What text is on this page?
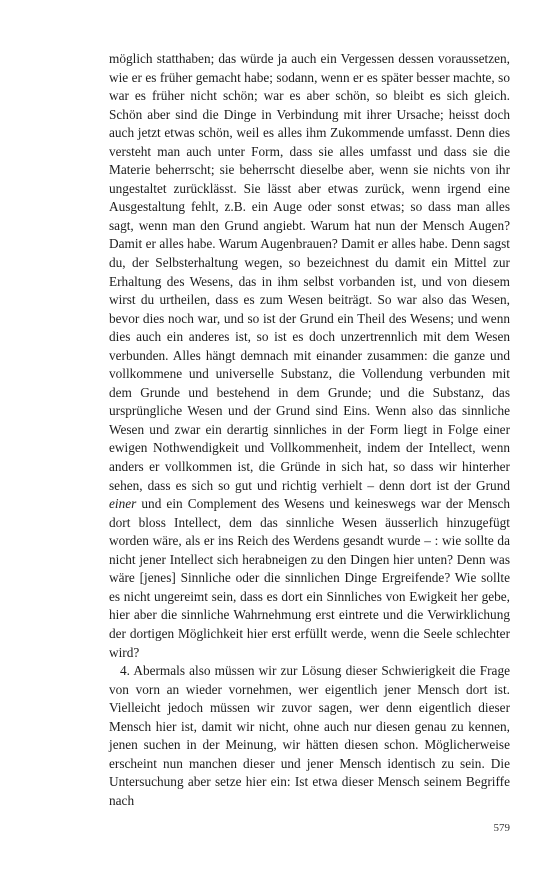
möglich statthaben; das würde ja auch ein Vergessen dessen voraussetzen, wie er es früher gemacht habe; sodann, wenn er es später besser machte, so war es früher nicht schön; war es aber schön, so bleibt es sich gleich. Schön aber sind die Dinge in Verbindung mit ihrer Ursache; heisst doch auch jetzt etwas schön, weil es alles ihm Zukommende umfasst. Denn dies versteht man auch unter Form, dass sie alles umfasst und dass sie die Materie beherrscht; sie beherrscht dieselbe aber, wenn sie nichts von ihr ungestaltet zurücklässt. Sie lässt aber etwas zurück, wenn irgend eine Ausgestaltung fehlt, z.B. ein Auge oder sonst etwas; so dass man alles sagt, wenn man den Grund angiebt. Warum hat nun der Mensch Augen? Damit er alles habe. Warum Augenbrauen? Damit er alles habe. Denn sagst du, der Selbsterhaltung wegen, so bezeichnest du damit ein Mittel zur Erhaltung des Wesens, das in ihm selbst vorbanden ist, und von diesem wirst du urtheilen, dass es zum Wesen beiträgt. So war also das Wesen, bevor dies noch war, und so ist der Grund ein Theil des Wesens; und wenn dies auch ein anderes ist, so ist es doch unzertrennlich mit dem Wesen verbunden. Alles hängt demnach mit einander zusammen: die ganze und vollkommene und universelle Substanz, die Vollendung verbunden mit dem Grunde und bestehend in dem Grunde; und die Substanz, das ursprüngliche Wesen und der Grund sind Eins. Wenn also das sinnliche Wesen und zwar ein derartig sinnliches in der Form liegt in Folge einer ewigen Nothwendigkeit und Vollkommenheit, indem der Intellect, wenn anders er vollkommen ist, die Gründe in sich hat, so dass wir hinterher sehen, dass es sich so gut und richtig verhielt – denn dort ist der Grund einer und ein Complement des Wesens und keineswegs war der Mensch dort bloss Intellect, dem das sinnliche Wesen äusserlich hinzugefügt worden wäre, als er ins Reich des Werdens gesandt wurde – : wie sollte da nicht jener Intellect sich herabneigen zu den Dingen hier unten? Denn was wäre [jenes] Sinnliche oder die sinnlichen Dinge Ergreifende? Wie sollte es nicht ungereimt sein, dass es dort ein Sinnliches von Ewigkeit her gebe, hier aber die sinnliche Wahrnehmung erst eintrete und die Verwirklichung der dortigen Möglichkeit hier erst erfüllt werde, wenn die Seele schlechter wird?

4. Abermals also müssen wir zur Lösung dieser Schwierigkeit die Frage von vorn an wieder vornehmen, wer eigentlich jener Mensch dort ist. Vielleicht jedoch müssen wir zuvor sagen, wer denn eigentlich dieser Mensch hier ist, damit wir nicht, ohne auch nur diesen genau zu kennen, jenen suchen in der Meinung, wir hätten diesen schon. Möglicherweise erscheint nun manchen dieser und jener Mensch identisch zu sein. Die Untersuchung aber setze hier ein: Ist etwa dieser Mensch seinem Begriffe nach

579
